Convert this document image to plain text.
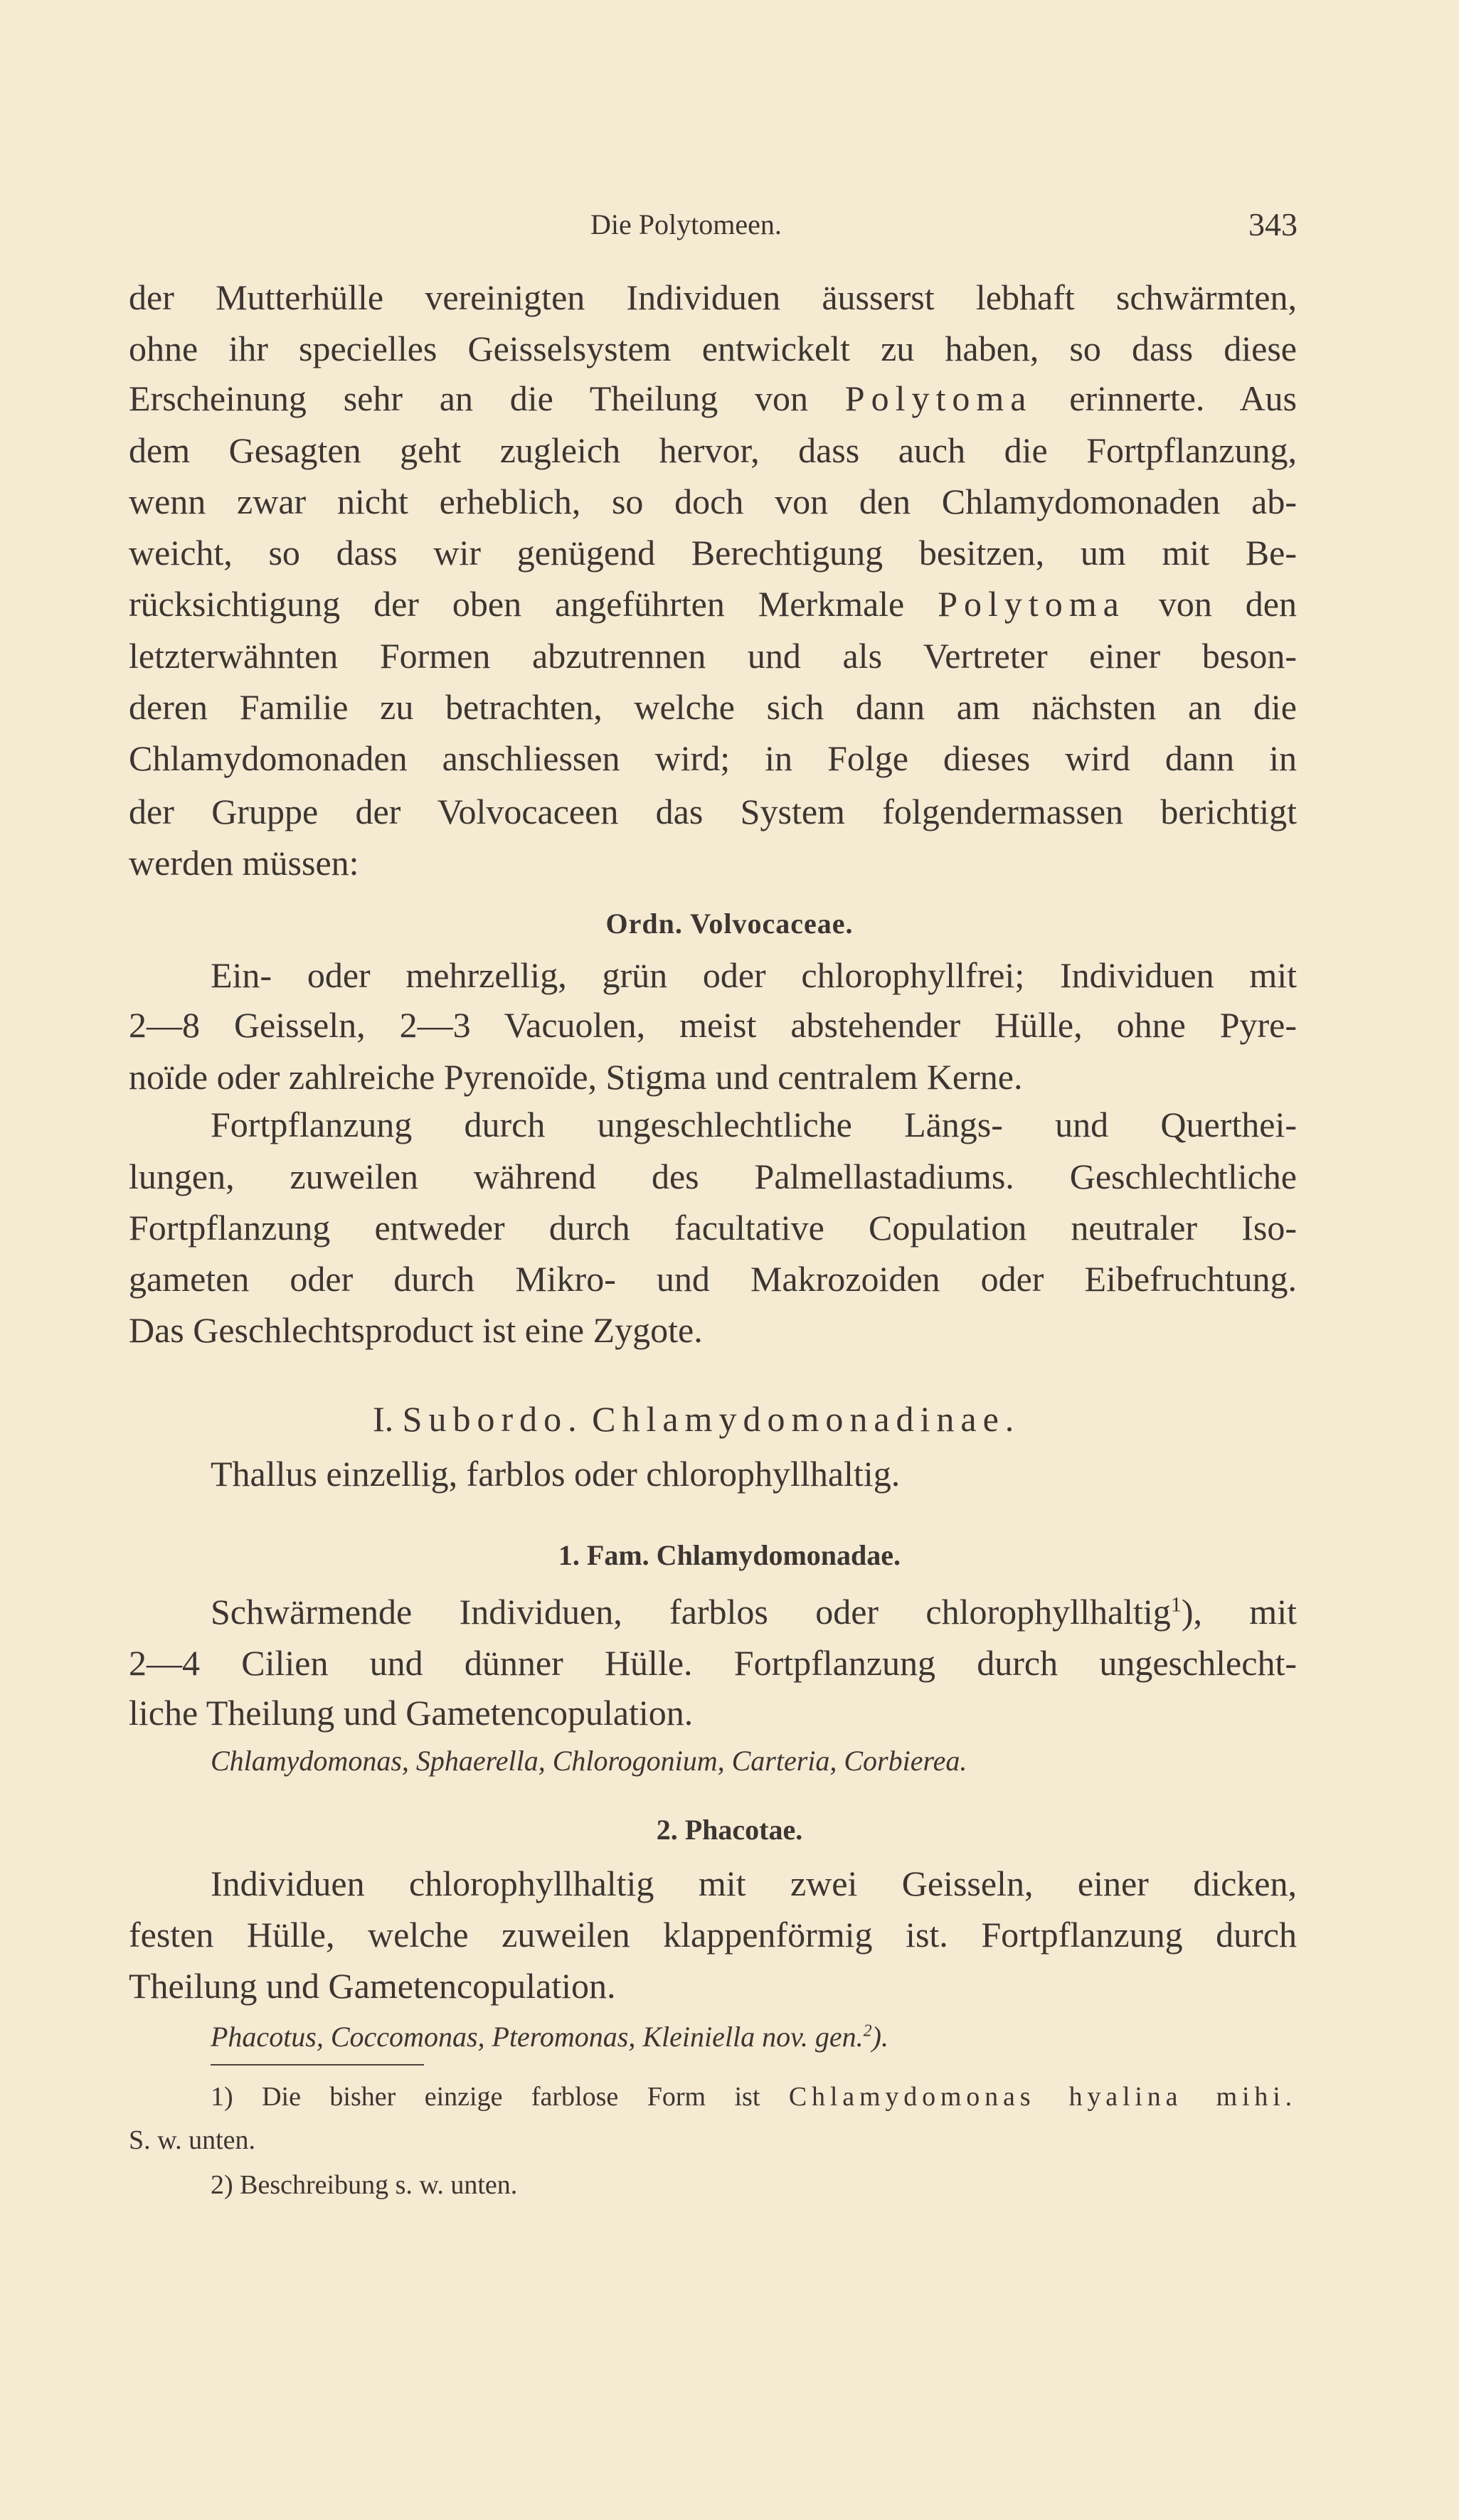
Die Polytomeen.	343
der Mutterhülle vereinigten Individuen äusserst lebhaft schwärmten,
ohne ihr specielles Geisselsystem entwickelt zu haben, so dass diese
Erscheinung sehr an die Theilung von Polytoma erinnerte. Aus
dem Gesagten geht zugleich hervor, dass auch die Fortpflanzung,
wenn zwar nicht erheblich, so doch von den Chlamydomonaden ab-
weicht, so dass wir genügend Berechtigung besitzen, um mit Be-
rücksichtigung der oben angeführten Merkmale Polytoma von den
letzterwähnten Formen abzutrennen und als Vertreter einer beson-
deren Familie zu betrachten, welche sich dann am nächsten an die
Chlamydomonaden anschliessen wird; in Folge dieses wird dann in
der Gruppe der Volvocaceen das System folgendermassen berichtigt
werden müssen:
Ordn. Volvocaceae.
Ein- oder mehrzellig, grün oder chlorophyllfrei; Individuen mit
2—8 Geisseln, 2—3 Vacuolen, meist abstehender Hülle, ohne Pyre-
noïde oder zahlreiche Pyrenoïde, Stigma und centralem Kerne.
Fortpflanzung durch ungeschlechtliche Längs- und Querthei-
lungen, zuweilen während des Palmellastadiums. Geschlechtliche
Fortpflanzung entweder durch facultative Copulation neutraler Iso-
gameten oder durch Mikro- und Makrozoiden oder Eibefruchtung.
Das Geschlechtsproduct ist eine Zygote.
I. Subordo. Chlamydomonadinae.
Thallus einzellig, farblos oder chlorophyllhaltig.
1. Fam. Chlamydomonadae.
Schwärmende Individuen, farblos oder chlorophyllhaltig$^1$), mit
2—4 Cilien und dünner Hülle. Fortpflanzung durch ungeschlecht-
liche Theilung und Gametencopulation.
Chlamydomonas, Sphaerella, Chlorogonium, Carteria, Corbierea.
2. Phacotae.
Individuen chlorophyllhaltig mit zwei Geisseln, einer dicken,
festen Hülle, welche zuweilen klappenförmig ist. Fortpflanzung durch
Theilung und Gametencopulation.
Phacotus, Coccomonas, Pteromonas, Kleiniella nov. gen.$^2$).
1) Die bisher einzige farblose Form ist Chlamydomonas hyalina mihi.
S. w. unten.
2) Beschreibung s. w. unten.
